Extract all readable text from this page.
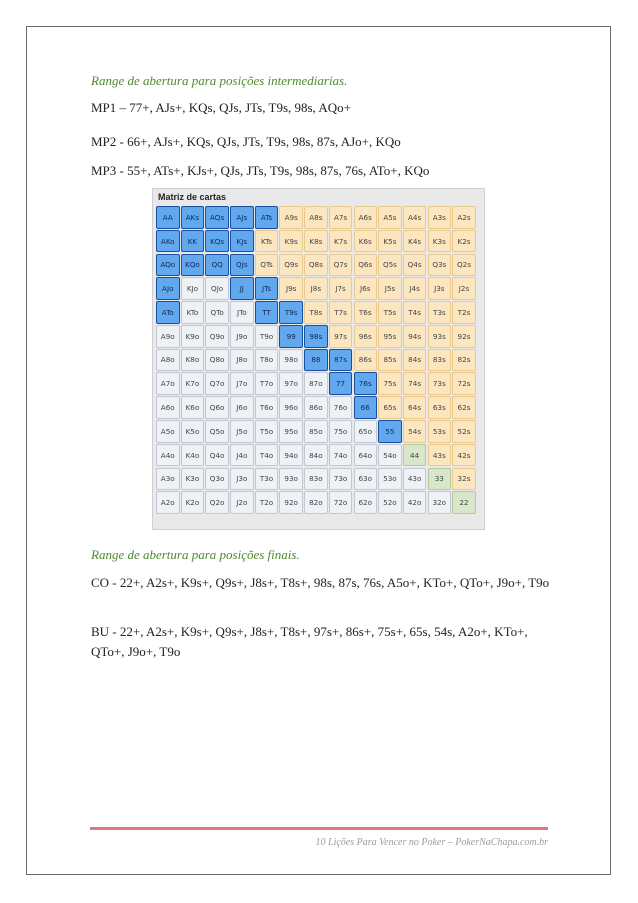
Range de abertura para posições intermediarias.
MP1 – 77+, AJs+, KQs, QJs, JTs, T9s, 98s, AQo+
MP2 - 66+, AJs+, KQs, QJs, JTs, T9s, 98s, 87s, AJo+, KQo
MP3 - 55+, ATs+, KJs+, QJs, JTs, T9s, 98s, 87s, 76s, ATo+, KQo
Matriz de cartas
AA	AKs	AQs	AJs	ATs	A9s	A8s	A7s	A6s	A5s	A4s	A3s	A2s
AKo	KK	KQs	KJs	KTs	K9s	K8s	K7s	K6s	K5s	K4s	K3s	K2s
AQo	KQo	QQ	QJs	QTs	Q9s	Q8s	Q7s	Q6s	Q5s	Q4s	Q3s	Q2s
AJo	KJo	QJo	JJ	JTs	J9s	J8s	J7s	J6s	J5s	J4s	J3s	J2s
ATo	KTo	QTo	JTo	TT	T9s	T8s	T7s	T6s	T5s	T4s	T3s	T2s
A9o	K9o	Q9o	J9o	T9o	99	98s	97s	96s	95s	94s	93s	92s
A8o	K8o	Q8o	J8o	T8o	98o	88	87s	86s	85s	84s	83s	82s
A7o	K7o	Q7o	J7o	T7o	97o	87o	77	76s	75s	74s	73s	72s
A6o	K6o	Q6o	J6o	T6o	96o	86o	76o	66	65s	64s	63s	62s
A5o	K5o	Q5o	J5o	T5o	95o	85o	75o	65o	55	54s	53s	52s
A4o	K4o	Q4o	J4o	T4o	94o	84o	74o	64o	54o	44	43s	42s
A3o	K3o	Q3o	J3o	T3o	93o	83o	73o	63o	53o	43o	33	32s
A2o	K2o	Q2o	J2o	T2o	92o	82o	72o	62o	52o	42o	32o	22
Range de abertura para posições finais.
CO - 22+, A2s+, K9s+, Q9s+, J8s+, T8s+, 98s, 87s, 76s, A5o+, KTo+, QTo+, J9o+, T9o
BU - 22+, A2s+, K9s+, Q9s+, J8s+, T8s+, 97s+, 86s+, 75s+, 65s, 54s, A2o+, KTo+, QTo+, J9o+, T9o
10 Lições Para Vencer no Poker – PokerNaChapa.com.br
